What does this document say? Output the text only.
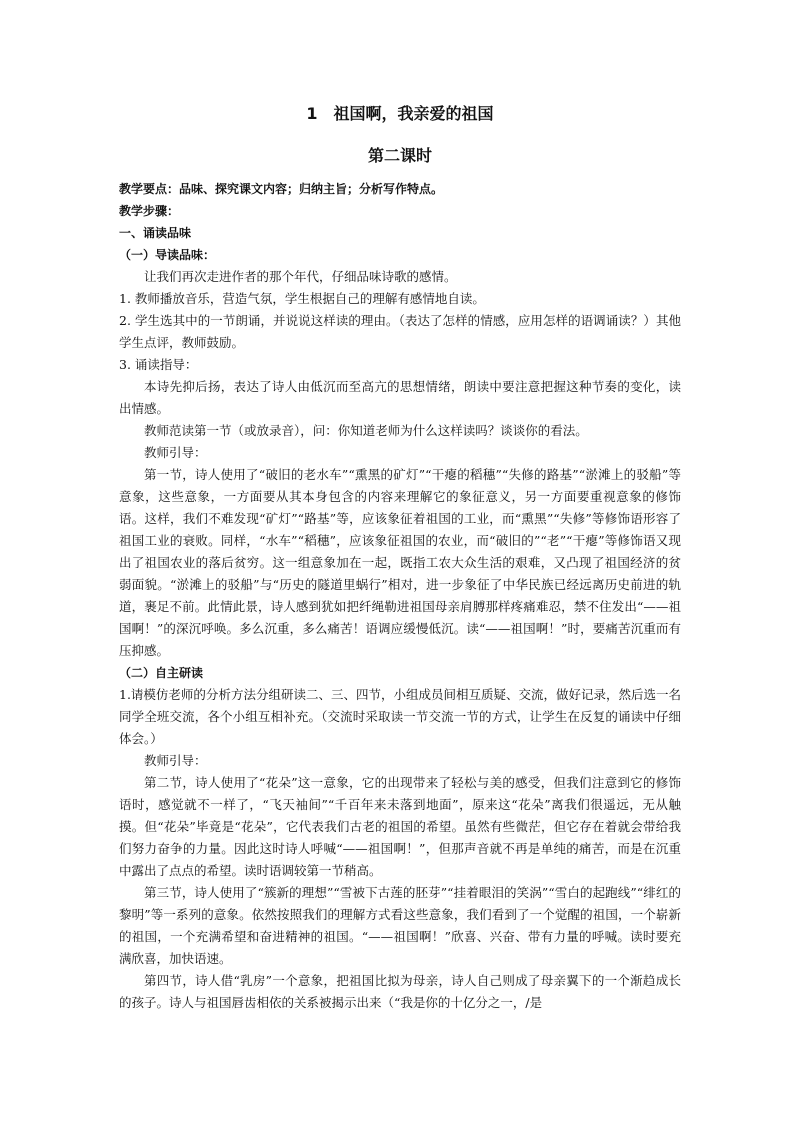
1　祖国啊，我亲爱的祖国
第二课时

教学要点：品味、探究课文内容；归纳主旨；分析写作特点。

教学步骤：

一、诵读品味

（一）导读品味：

让我们再次走进作者的那个年代，仔细品味诗歌的感情。

1. 教师播放音乐，营造气氛，学生根据自己的理解有感情地自读。

2. 学生选其中的一节朗诵，并说说这样读的理由。（表达了怎样的情感，应用怎样的语调诵读？）其他学生点评，教师鼓励。

3. 诵读指导：

本诗先抑后扬，表达了诗人由低沉而至高亢的思想情绪，朗读中要注意把握这种节奏的变化，读出情感。

教师范读第一节（或放录音），问：你知道老师为什么这样读吗？谈谈你的看法。

教师引导：

第一节，诗人使用了“破旧的老水车”“熏黑的矿灯”“干瘪的稻穗”“失修的路基”“淤滩上的驳船”等意象，这些意象，一方面要从其本身包含的内容来理解它的象征意义，另一方面要重视意象的修饰语。这样，我们不难发现“矿灯”“路基”等，应该象征着祖国的工业，而“熏黑”“失修”等修饰语形容了祖国工业的衰败。同样，“水车”“稻穗”，应该象征祖国的农业，而“破旧的”“老”“干瘪”等修饰语又现出了祖国农业的落后贫穷。这一组意象加在一起，既指工农大众生活的艰难，又凸现了祖国经济的贫弱面貌。“淤滩上的驳船”与“历史的隧道里蜗行”相对，进一步象征了中华民族已经远离历史前进的轨道，裹足不前。此情此景，诗人感到犹如把纤绳勒进祖国母亲肩膊那样疼痛难忍，禁不住发出“——祖国啊！”的深沉呼唤。多么沉重，多么痛苦！语调应缓慢低沉。读“——祖国啊！”时，要痛苦沉重而有压抑感。

（二）自主研读

1.请模仿老师的分析方法分组研读二、三、四节，小组成员间相互质疑、交流，做好记录，然后选一名同学全班交流，各个小组互相补充。（交流时采取读一节交流一节的方式，让学生在反复的诵读中仔细体会。）

教师引导：

第二节，诗人使用了“花朵”这一意象，它的出现带来了轻松与美的感受，但我们注意到它的修饰语时，感觉就不一样了，“飞天袖间”“千百年来未落到地面”，原来这“花朵”离我们很遥远，无从触摸。但“花朵”毕竟是“花朵”，它代表我们古老的祖国的希望。虽然有些微茫，但它存在着就会带给我们努力奋争的力量。因此这时诗人呼喊“——祖国啊！”，但那声音就不再是单纯的痛苦，而是在沉重中露出了点点的希望。读时语调较第一节稍高。

第三节，诗人使用了“簇新的理想”“雪被下古莲的胚芽”“挂着眼泪的笑涡”“雪白的起跑线”“绯红的黎明”等一系列的意象。依然按照我们的理解方式看这些意象，我们看到了一个觉醒的祖国，一个崭新的祖国，一个充满希望和奋进精神的祖国。“——祖国啊！”欣喜、兴奋、带有力量的呼喊。读时要充满欣喜，加快语速。

第四节，诗人借“乳房”一个意象，把祖国比拟为母亲，诗人自己则成了母亲翼下的一个渐趋成长的孩子。诗人与祖国唇齿相依的关系被揭示出来（“我是你的十亿分之一，/是
